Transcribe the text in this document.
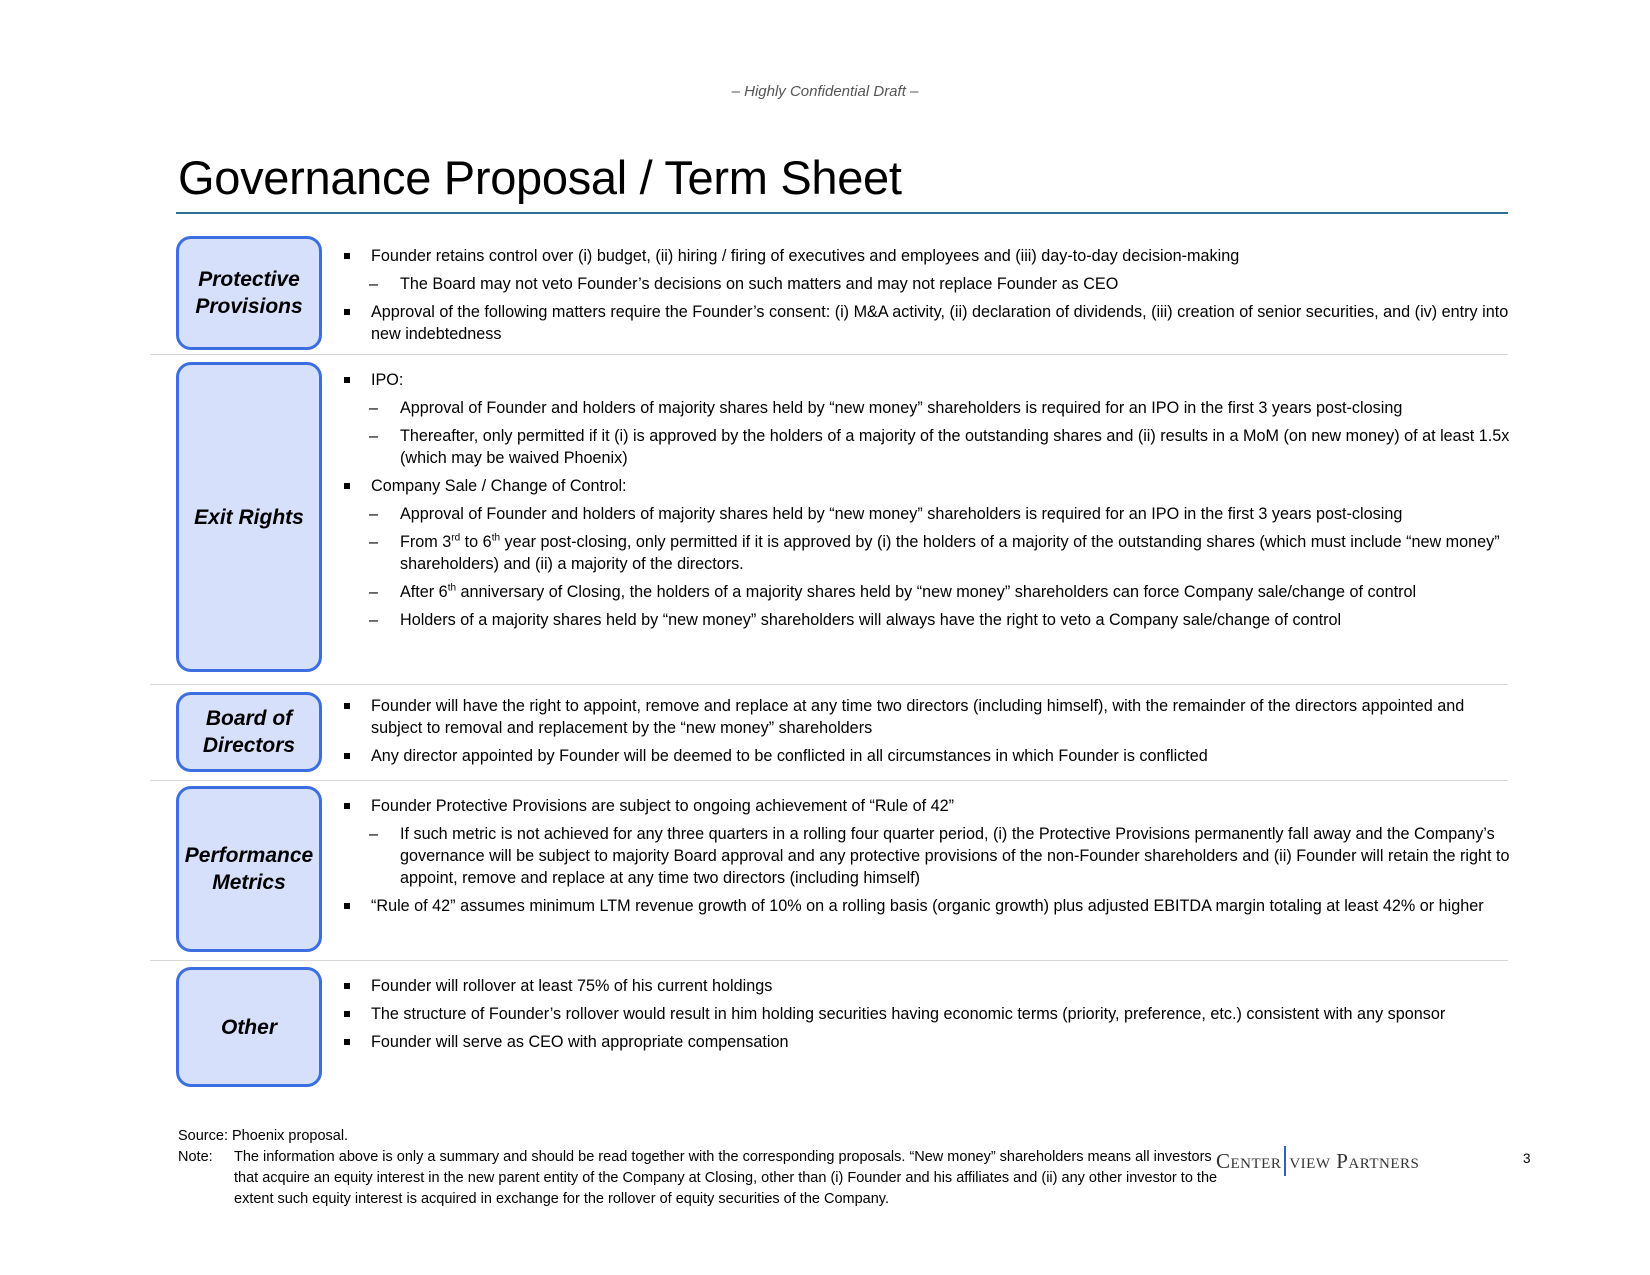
– Highly Confidential Draft –
Governance Proposal / Term Sheet
Protective Provisions
Founder retains control over (i) budget, (ii) hiring / firing of executives and employees and (iii) day-to-day decision-making
– The Board may not veto Founder’s decisions on such matters and may not replace Founder as CEO
Approval of the following matters require the Founder’s consent: (i) M&A activity, (ii) declaration of dividends, (iii) creation of senior securities, and (iv) entry into new indebtedness
Exit Rights
IPO:
– Approval of Founder and holders of majority shares held by “new money” shareholders is required for an IPO in the first 3 years post-closing
– Thereafter, only permitted if it (i) is approved by the holders of a majority of the outstanding shares and (ii) results in a MoM (on new money) of at least 1.5x (which may be waived Phoenix)
Company Sale / Change of Control:
– Approval of Founder and holders of majority shares held by “new money” shareholders is required for an IPO in the first 3 years post-closing
– From 3rd to 6th year post-closing, only permitted if it is approved by (i) the holders of a majority of the outstanding shares (which must include “new money” shareholders) and (ii) a majority of the directors.
– After 6th anniversary of Closing, the holders of a majority shares held by “new money” shareholders can force Company sale/change of control
– Holders of a majority shares held by “new money” shareholders will always have the right to veto a Company sale/change of control
Board of Directors
Founder will have the right to appoint, remove and replace at any time two directors (including himself), with the remainder of the directors appointed and subject to removal and replacement by the “new money” shareholders
Any director appointed by Founder will be deemed to be conflicted in all circumstances in which Founder is conflicted
Performance Metrics
Founder Protective Provisions are subject to ongoing achievement of “Rule of 42”
– If such metric is not achieved for any three quarters in a rolling four quarter period, (i) the Protective Provisions permanently fall away and the Company’s governance will be subject to majority Board approval and any protective provisions of the non-Founder shareholders and (ii) Founder will retain the right to appoint, remove and replace at any time two directors (including himself)
“Rule of 42” assumes minimum LTM revenue growth of 10% on a rolling basis (organic growth) plus adjusted EBITDA margin totaling at least 42% or higher
Other
Founder will rollover at least 75% of his current holdings
The structure of Founder’s rollover would result in him holding securities having economic terms (priority, preference, etc.) consistent with any sponsor
Founder will serve as CEO with appropriate compensation
Source: Phoenix proposal.
Note:	The information above is only a summary and should be read together with the corresponding proposals. “New money” shareholders means all investors that acquire an equity interest in the new parent entity of the Company at Closing, other than (i) Founder and his affiliates and (ii) any other investor to the extent such equity interest is acquired in exchange for the rollover of equity securities of the Company.
Center view Partners	3
